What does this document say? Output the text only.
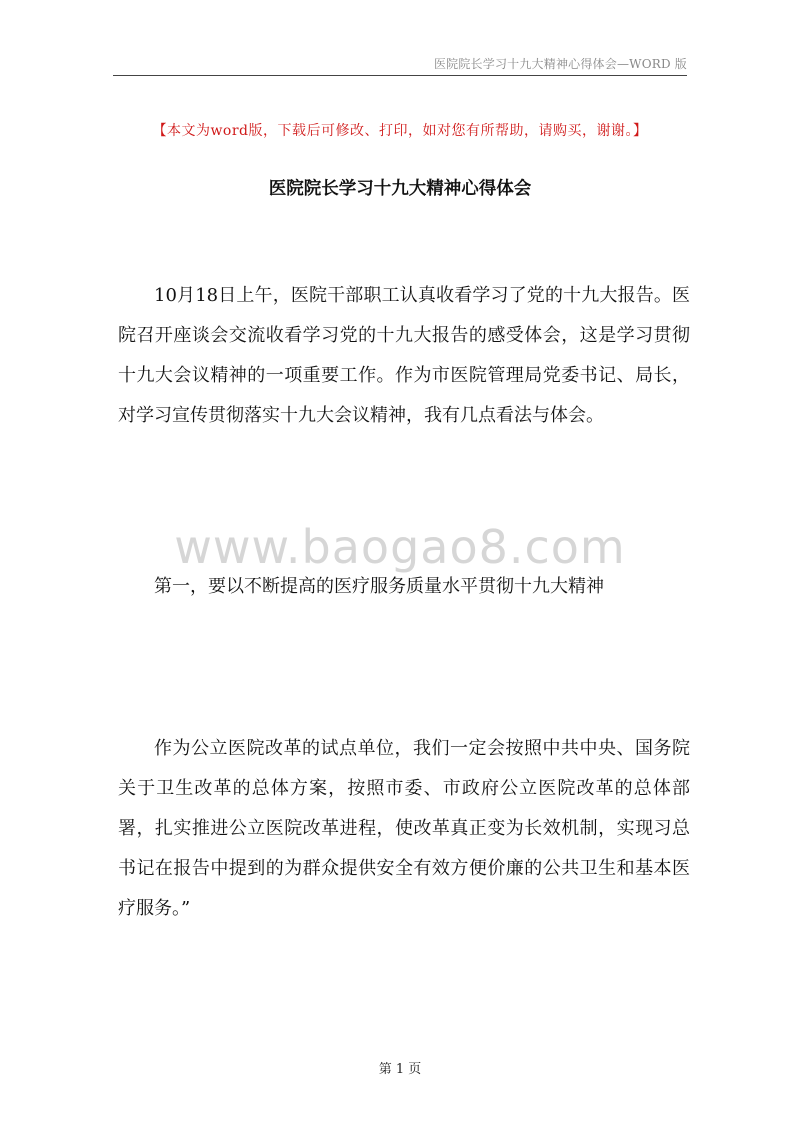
医院院长学习十九大精神心得体会—WORD 版
【本文为word版，下载后可修改、打印，如对您有所帮助，请购买，谢谢。】
医院院长学习十九大精神心得体会

10月18日上午，医院干部职工认真收看学习了党的十九大报告。医院召开座谈会交流收看学习党的十九大报告的感受体会，这是学习贯彻十九大会议精神的一项重要工作。作为市医院管理局党委书记、局长，对学习宣传贯彻落实十九大会议精神，我有几点看法与体会。

www.baogao8.com
第一，要以不断提高的医疗服务质量水平贯彻十九大精神

作为公立医院改革的试点单位，我们一定会按照中共中央、国务院关于卫生改革的总体方案，按照市委、市政府公立医院改革的总体部署，扎实推进公立医院改革进程，使改革真正变为长效机制，实现习总书记在报告中提到的为群众提供安全有效方便价廉的公共卫生和基本医疗服务。”

第 1 页
